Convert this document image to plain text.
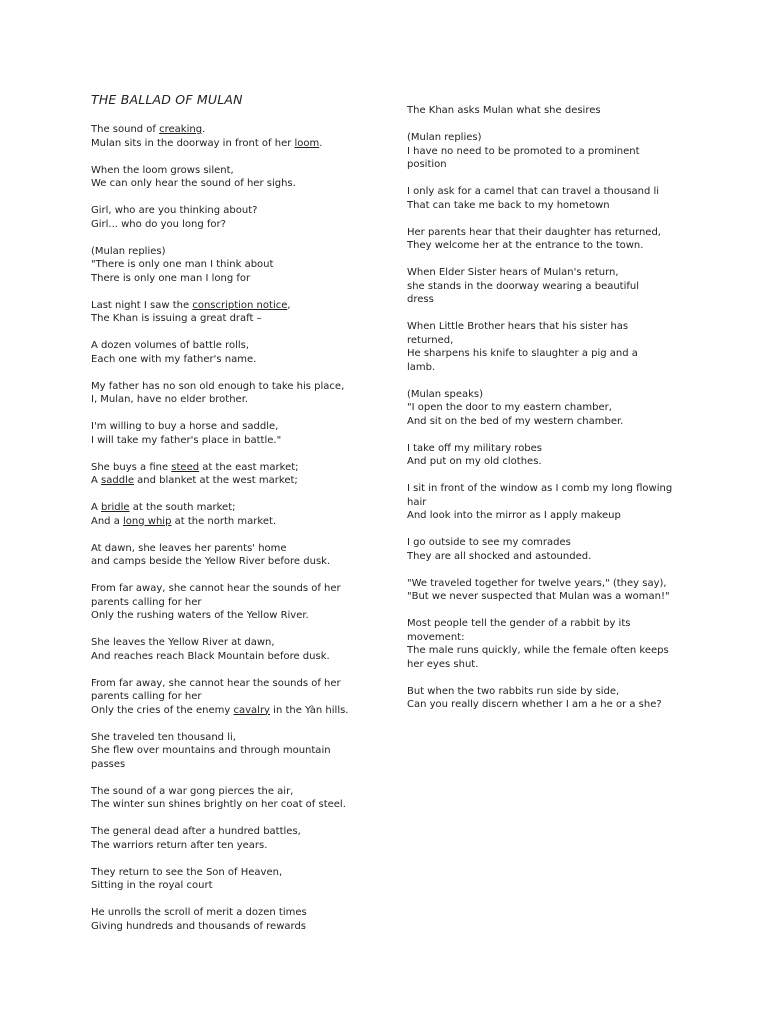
THE BALLAD OF MULAN
The sound of creaking.
Mulan sits in the doorway in front of her loom.
When the loom grows silent,
We can only hear the sound of her sighs.
Girl, who are you thinking about?
Girl... who do you long for?
(Mulan replies)
"There is only one man I think about
There is only one man I long for
Last night I saw the conscription notice,
The Khan is issuing a great draft –
A dozen volumes of battle rolls,
Each one with my father's name.
My father has no son old enough to take his place,
I, Mulan, have no elder brother.
I'm willing to buy a horse and saddle,
I will take my father's place in battle."
She buys a fine steed at the east market;
A saddle and blanket at the west market;
A bridle at the south market;
And a long whip at the north market.
At dawn, she leaves her parents' home
and camps beside the Yellow River before dusk.
From far away, she cannot hear the sounds of her
parents calling for her
Only the rushing waters of the Yellow River.
She leaves the Yellow River at dawn,
And reaches reach Black Mountain before dusk.
From far away, she cannot hear the sounds of her
parents calling for her
Only the cries of the enemy cavalry in the Yàn hills.
She traveled ten thousand li,
She flew over mountains and through mountain
passes
The sound of a war gong pierces the air,
The winter sun shines brightly on her coat of steel.
The general dead after a hundred battles,
The warriors return after ten years.
They return to see the Son of Heaven,
Sitting in the royal court
He unrolls the scroll of merit a dozen times
Giving hundreds and thousands of rewards
The Khan asks Mulan what she desires
(Mulan replies)
I have no need to be promoted to a prominent
position
I only ask for a camel that can travel a thousand li
That can take me back to my hometown
Her parents hear that their daughter has returned,
They welcome her at the entrance to the town.
When Elder Sister hears of Mulan's return,
she stands in the doorway wearing a beautiful
dress
When Little Brother hears that his sister has
returned,
He sharpens his knife to slaughter a pig and a
lamb.
(Mulan speaks)
"I open the door to my eastern chamber,
And sit on the bed of my western chamber.
I take off my military robes
And put on my old clothes.
I sit in front of the window as I comb my long flowing
hair
And look into the mirror as I apply makeup
I go outside to see my comrades
They are all shocked and astounded.
"We traveled together for twelve years," (they say),
"But we never suspected that Mulan was a woman!"
Most people tell the gender of a rabbit by its
movement:
The male runs quickly, while the female often keeps
her eyes shut.
But when the two rabbits run side by side,
Can you really discern whether I am a he or a she?
